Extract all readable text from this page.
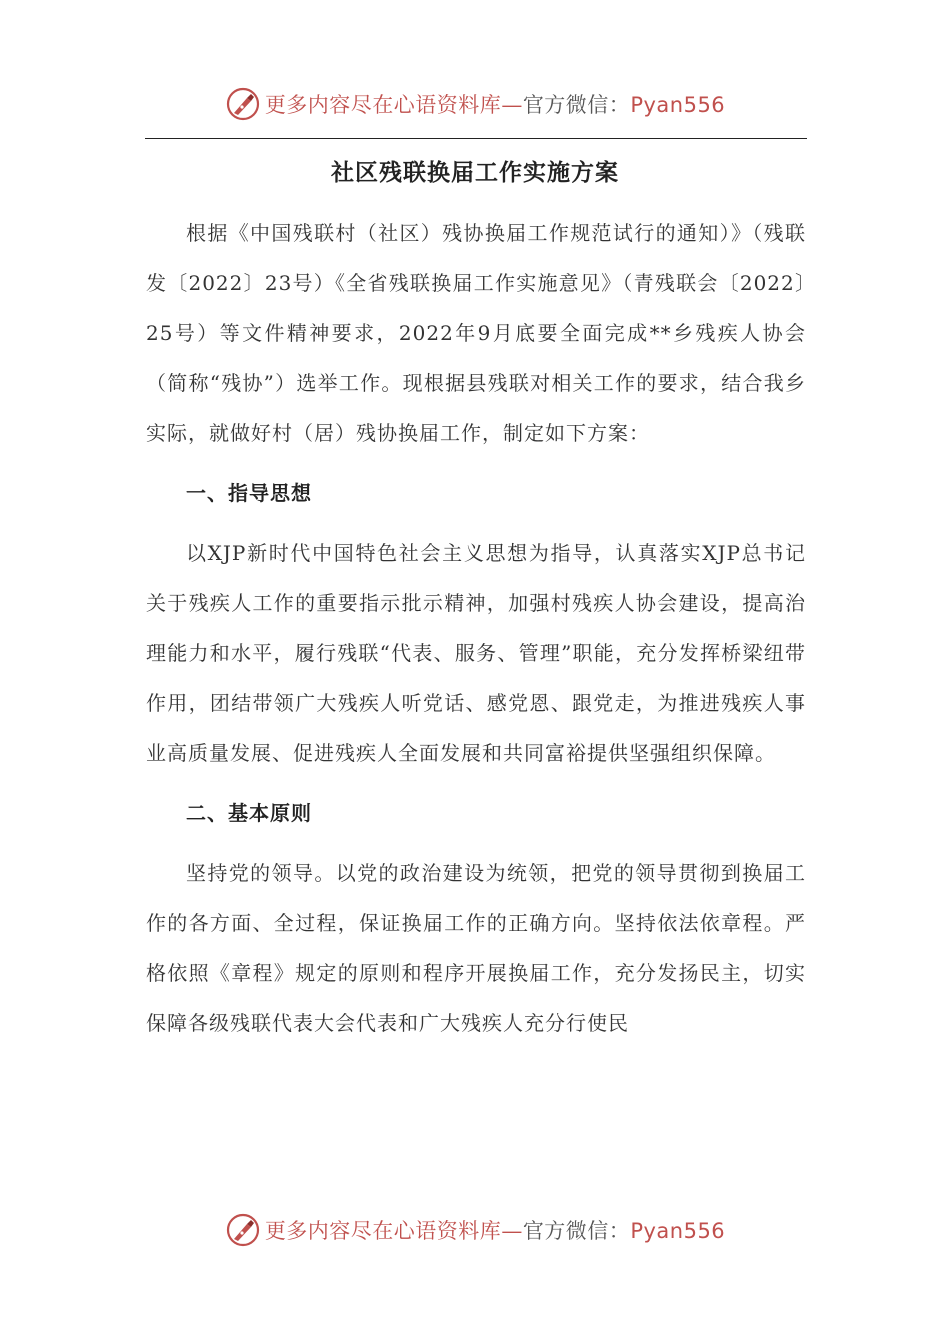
更多内容尽在心语资料库—官方微信：Pyan556
社区残联换届工作实施方案

根据《中国残联村（社区）残协换届工作规范试行的通知）》（残联发〔2022〕23号）《全省残联换届工作实施意见》（青残联会〔2022〕25号）等文件精神要求，2022年9月底要全面完成**乡残疾人协会（简称“残协”）选举工作。现根据县残联对相关工作的要求，结合我乡实际，就做好村（居）残协换届工作，制定如下方案：

一、指导思想

以XJP新时代中国特色社会主义思想为指导，认真落实XJP总书记关于残疾人工作的重要指示批示精神，加强村残疾人协会建设，提高治理能力和水平，履行残联“代表、服务、管理”职能，充分发挥桥梁纽带作用，团结带领广大残疾人听党话、感党恩、跟党走，为推进残疾人事业高质量发展、促进残疾人全面发展和共同富裕提供坚强组织保障。

二、基本原则

坚持党的领导。以党的政治建设为统领，把党的领导贯彻到换届工作的各方面、全过程，保证换届工作的正确方向。坚持依法依章程。严格依照《章程》规定的原则和程序开展换届工作，充分发扬民主，切实保障各级残联代表大会代表和广大残疾人充分行使民

更多内容尽在心语资料库—官方微信：Pyan556
